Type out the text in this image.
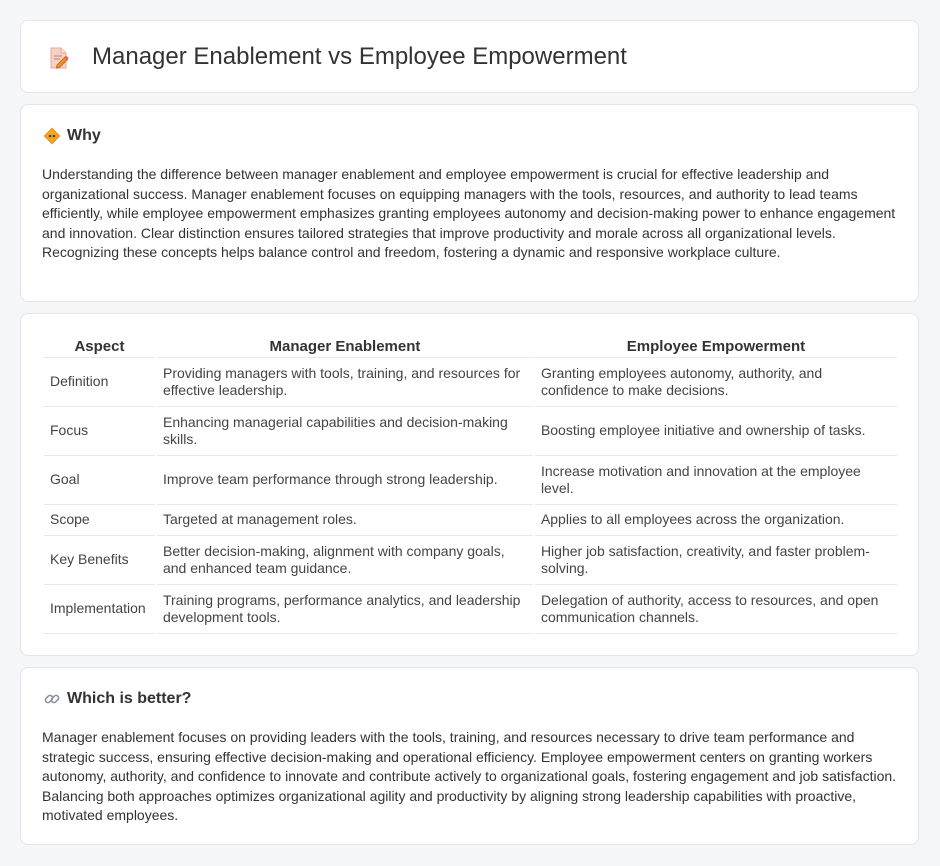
Manager Enablement vs Employee Empowerment
Why

Understanding the difference between manager enablement and employee empowerment is crucial for effective leadership and organizational success. Manager enablement focuses on equipping managers with the tools, resources, and authority to lead teams efficiently, while employee empowerment emphasizes granting employees autonomy and decision-making power to enhance engagement and innovation. Clear distinction ensures tailored strategies that improve productivity and morale across all organizational levels. Recognizing these concepts helps balance control and freedom, fostering a dynamic and responsive workplace culture.

Aspect	Manager Enablement	Employee Empowerment
Definition	Providing managers with tools, training, and resources for effective leadership.	Granting employees autonomy, authority, and confidence to make decisions.
Focus	Enhancing managerial capabilities and decision-making skills.	Boosting employee initiative and ownership of tasks.
Goal	Improve team performance through strong leadership.	Increase motivation and innovation at the employee level.
Scope	Targeted at management roles.	Applies to all employees across the organization.
Key Benefits	Better decision-making, alignment with company goals, and enhanced team guidance.	Higher job satisfaction, creativity, and faster problem-solving.
Implementation	Training programs, performance analytics, and leadership development tools.	Delegation of authority, access to resources, and open communication channels.
Which is better?

Manager enablement focuses on providing leaders with the tools, training, and resources necessary to drive team performance and strategic success, ensuring effective decision-making and operational efficiency. Employee empowerment centers on granting workers autonomy, authority, and confidence to innovate and contribute actively to organizational goals, fostering engagement and job satisfaction. Balancing both approaches optimizes organizational agility and productivity by aligning strong leadership capabilities with proactive, motivated employees.
